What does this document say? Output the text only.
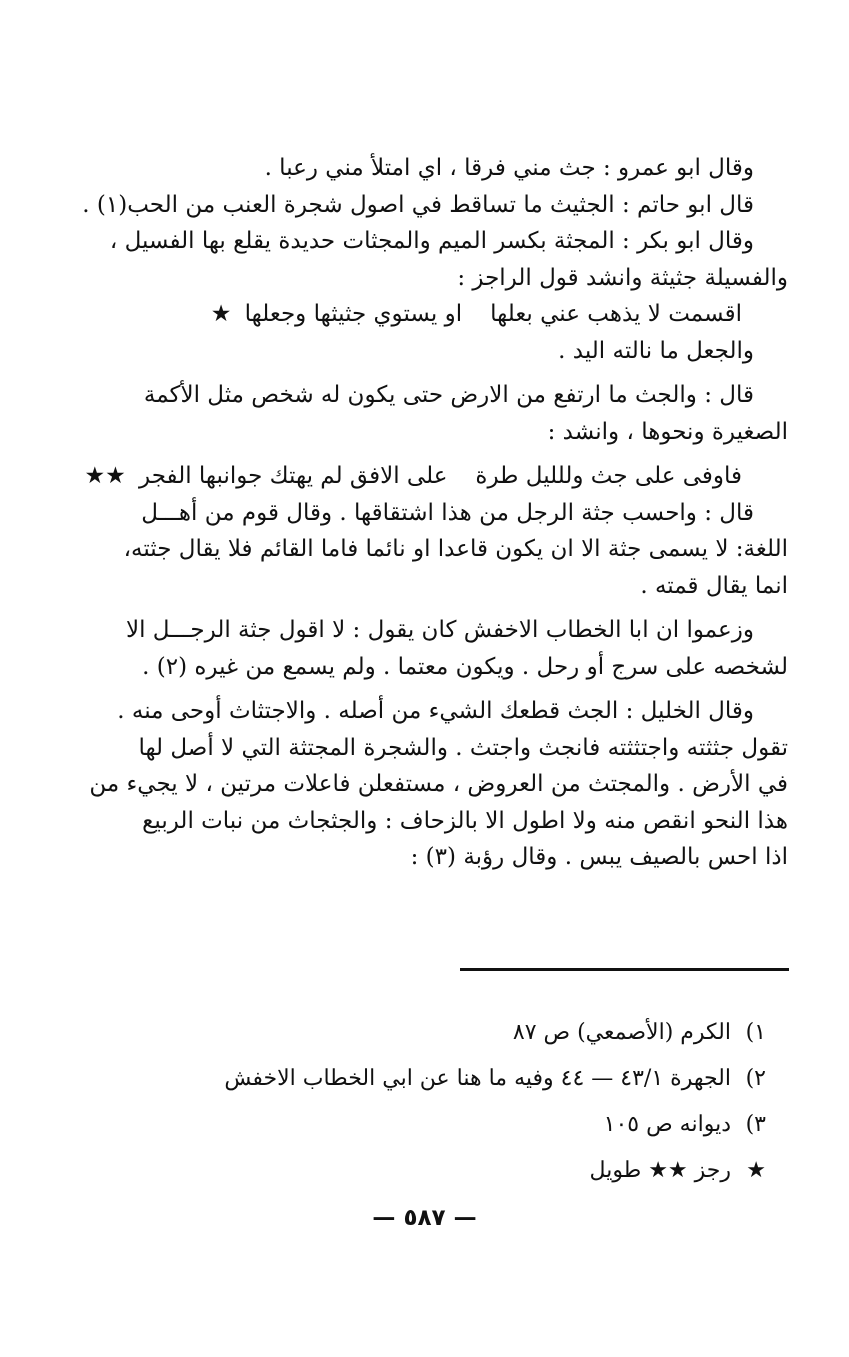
وقال ابو عمرو : جث مني فرقا ، اي امتلأ مني رعبا .
قال ابو حاتم : الجثيث ما تساقط في اصول شجرة العنب من الحب(١) .
وقال ابو بكر : المجثة بكسر الميم والمجثات حديدة يقلع بها الفسيل ،
والفسيلة جثيثة وانشد قول الراجز :
اقسمت لا يذهب عني بعلها
او يستوي جثيثها وجعلها ★
والجعل ما نالته اليد .
قال : والجث ما ارتفع من الارض حتى يكون له شخص مثل الأكمة
الصغيرة ونحوها ، وانشد :
فاوفى على جث وللليل طرة
على الافق لم يهتك جوانبها الفجر ★★
قال : واحسب جثة الرجل من هذا اشتقاقها . وقال قوم من أهـــل
اللغة: لا يسمى جثة الا ان يكون قاعدا او نائما فاما القائم فلا يقال جثته،
انما يقال قمته .
وزعموا ان ابا الخطاب الاخفش كان يقول : لا اقول جثة الرجـــل الا
لشخصه على سرج أو رحل . ويكون معتما . ولم يسمع من غيره (٢) .
وقال الخليل : الجث قطعك الشيء من أصله . والاجتثاث أوحى منه .
تقول جثثته واجتثثته فانجث واجتث . والشجرة المجتثة التي لا أصل لها
في الأرض . والمجتث من العروض ، مستفعلن فاعلات مرتين ، لا يجيء من
هذا النحو انقص منه ولا اطول الا بالزحاف : والجثجاث من نبات الربيع
اذا احس بالصيف يبس . وقال رؤبة (٣) :
١) الكرم (الأصمعي) ص ٨٧
٢) الجهرة ٤٣/١ — ٤٤ وفيه ما هنا عن ابي الخطاب الاخفش
٣) ديوانه ص ١٠٥
★ رجز ★★ طويل
— ٥٨٧ —
